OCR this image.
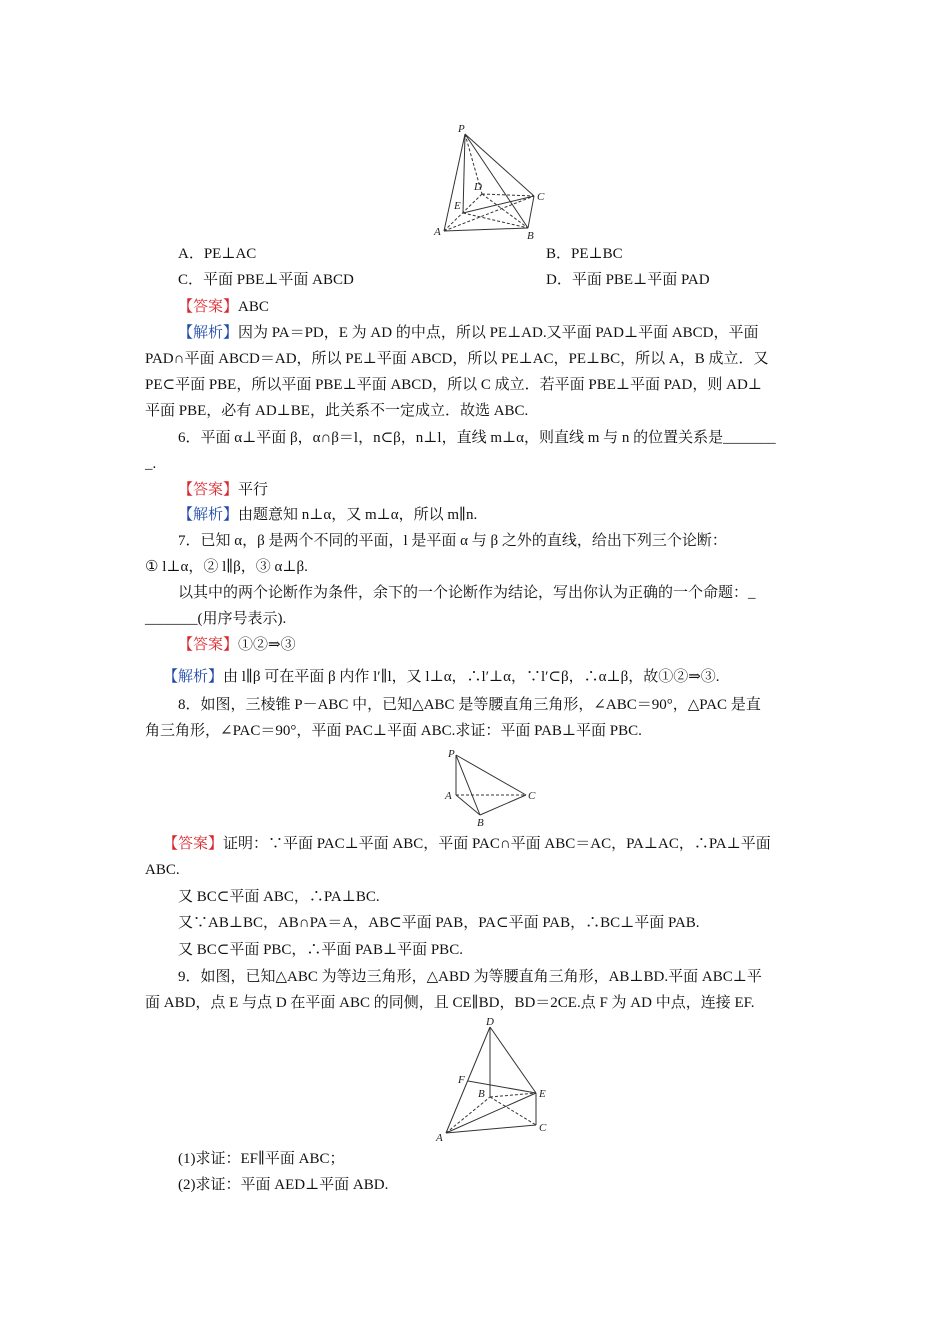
P
D
C
E
A	B
A．PE⊥AC	B．PE⊥BC
C．平面 PBE⊥平面 ABCD	D．平面 PBE⊥平面 PAD
【答案】ABC
【解析】因为 PA＝PD，E 为 AD 的中点，所以 PE⊥AD.又平面 PAD⊥平面 ABCD，平面
PAD∩平面 ABCD＝AD，所以 PE⊥平面 ABCD，所以 PE⊥AC，PE⊥BC，所以 A，B 成立．又
PE⊂平面 PBE，所以平面 PBE⊥平面 ABCD，所以 C 成立．若平面 PBE⊥平面 PAD，则 AD⊥
平面 PBE，必有 AD⊥BE，此关系不一定成立．故选 ABC.
6．平面 α⊥平面 β，α∩β＝l，n⊂β，n⊥l，直线 m⊥α，则直线 m 与 n 的位置关系是_______
_.
【答案】平行
【解析】由题意知 n⊥α，又 m⊥α，所以 m∥n.
7．已知 α，β 是两个不同的平面，l 是平面 α 与 β 之外的直线，给出下列三个论断：
① l⊥α，② l∥β，③ α⊥β.
以其中的两个论断作为条件，余下的一个论断作为结论，写出你认为正确的一个命题：_
_______(用序号表示).
【答案】①②⇒③
【解析】由 l∥β 可在平面 β 内作 l′∥l，又 l⊥α，∴l′⊥α，∵l′⊂β，∴α⊥β，故①②⇒③.
8．如图，三棱锥 P－ABC 中，已知△ABC 是等腰直角三角形，∠ABC＝90°，△PAC 是直
角三角形，∠PAC＝90°，平面 PAC⊥平面 ABC.求证：平面 PAB⊥平面 PBC.
P
A	C
B
【答案】证明：∵平面 PAC⊥平面 ABC，平面 PAC∩平面 ABC＝AC，PA⊥AC，∴PA⊥平面
ABC.
又 BC⊂平面 ABC，∴PA⊥BC.
又∵AB⊥BC，AB∩PA＝A，AB⊂平面 PAB，PA⊂平面 PAB，∴BC⊥平面 PAB.
又 BC⊂平面 PBC，∴平面 PAB⊥平面 PBC.
9．如图，已知△ABC 为等边三角形，△ABD 为等腰直角三角形，AB⊥BD.平面 ABC⊥平
面 ABD，点 E 与点 D 在平面 ABC 的同侧，且 CE∥BD，BD＝2CE.点 F 为 AD 中点，连接 EF.
D
F
B	E
A
C
(1)求证：EF∥平面 ABC；
(2)求证：平面 AED⊥平面 ABD.
